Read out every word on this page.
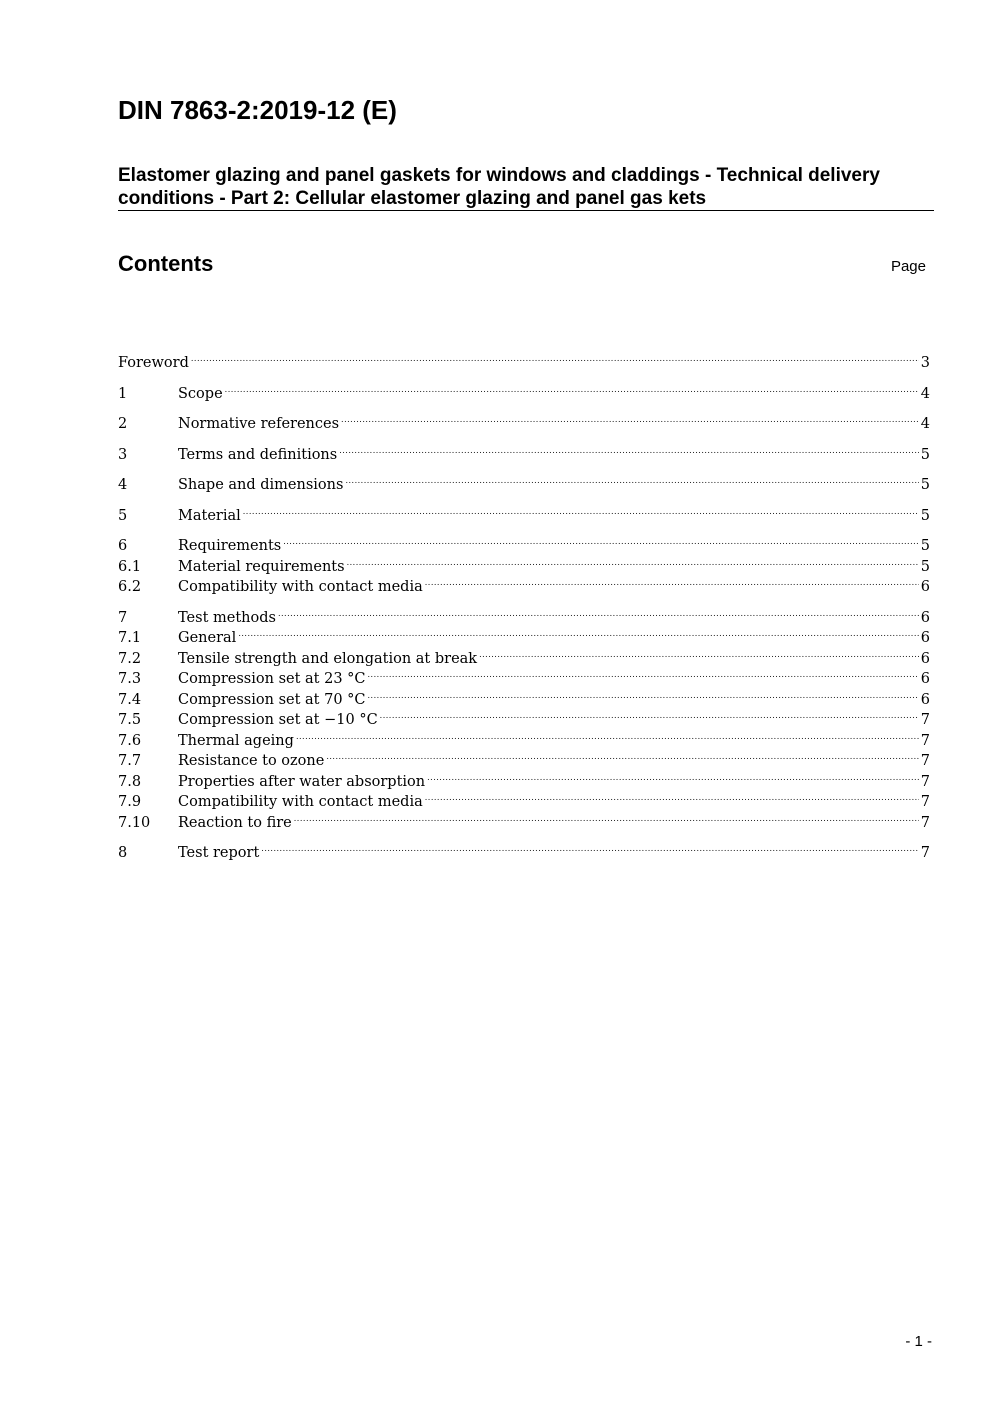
DIN 7863-2:2019-12 (E)
Elastomer glazing and panel gaskets for windows and claddings - Technical delivery conditions - Part 2: Cellular elastomer glazing and panel gas kets
Contents	Page
Foreword .....	3
1	Scope .....	4
2	Normative references .....	4
3	Terms and definitions .....	5
4	Shape and dimensions .....	5
5	Material .....	5
6	Requirements .....	5
6.1	Material requirements .....	5
6.2	Compatibility with contact media .....	6
7	Test methods .....	6
7.1	General .....	6
7.2	Tensile strength and elongation at break .....	6
7.3	Compression set at 23 °C .....	6
7.4	Compression set at 70 °C .....	6
7.5	Compression set at −10 °C .....	7
7.6	Thermal ageing .....	7
7.7	Resistance to ozone .....	7
7.8	Properties after water absorption .....	7
7.9	Compatibility with contact media .....	7
7.10	Reaction to fire .....	7
8	Test report .....	7
- 1 -
